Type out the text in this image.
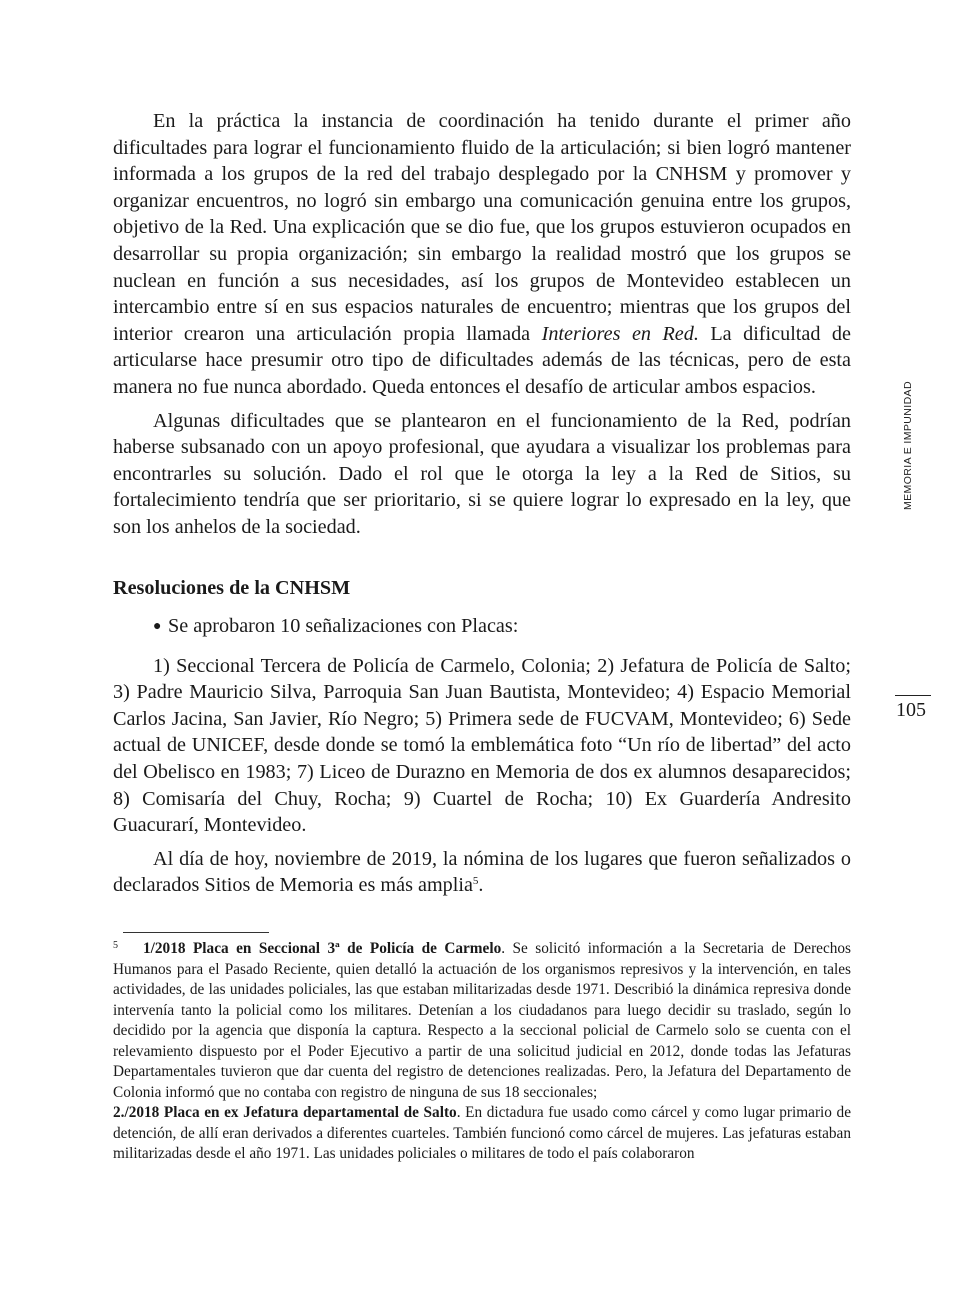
En la práctica la instancia de coordinación ha tenido durante el primer año dificultades para lograr el funcionamiento fluido de la articulación; si bien logró mantener informada a los grupos de la red del trabajo desplegado por la CNHSM y promover y organizar encuentros, no logró sin embargo una comunicación genuina entre los grupos, objetivo de la Red. Una explicación que se dio fue, que los grupos estuvieron ocupados en desarrollar su propia organización; sin embargo la realidad mostró que los grupos se nuclean en función a sus necesidades, así los grupos de Montevideo establecen un intercambio entre sí en sus espacios naturales de encuentro; mientras que los grupos del interior crearon una articulación propia llamada Interiores en Red. La dificultad de articularse hace presumir otro tipo de dificultades además de las técnicas, pero de esta manera no fue nunca abordado. Queda entonces el desafío de articular ambos espacios.

Algunas dificultades que se plantearon en el funcionamiento de la Red, podrían haberse subsanado con un apoyo profesional, que ayudara a visualizar los problemas para encontrarles su solución. Dado el rol que le otorga la ley a la Red de Sitios, su fortalecimiento tendría que ser prioritario, si se quiere lograr lo expresado en la ley, que son los anhelos de la sociedad.

Resoluciones de la CNHSM

● Se aprobaron 10 señalizaciones con Placas:

1) Seccional Tercera de Policía de Carmelo, Colonia; 2) Jefatura de Policía de Salto; 3) Padre Mauricio Silva, Parroquia San Juan Bautista, Montevideo; 4) Espacio Memorial Carlos Jacina, San Javier, Río Negro; 5) Primera sede de FUCVAM, Montevideo; 6) Sede actual de UNICEF, desde donde se tomó la emblemática foto “Un río de libertad” del acto del Obelisco en 1983; 7) Liceo de Durazno en Memoria de dos ex alumnos desaparecidos; 8) Comisaría del Chuy, Rocha; 9) Cuartel de Rocha; 10) Ex Guardería Andresito Guacurarí, Montevideo.

Al día de hoy, noviembre de 2019, la nómina de los lugares que fueron señalizados o declarados Sitios de Memoria es más amplia$^5$.

5 1/2018 Placa en Seccional 3ª de Policía de Carmelo. Se solicitó información a la Secretaria de Derechos Humanos para el Pasado Reciente, quien detalló la actuación de los organismos represivos y la intervención, en tales actividades, de las unidades policiales, las que estaban militarizadas desde 1971. Describió la dinámica represiva donde intervenía tanto la policial como los militares. Detenían a los ciudadanos para luego decidir su traslado, según lo decidido por la agencia que disponía la captura. Respecto a la seccional policial de Carmelo solo se cuenta con el relevamiento dispuesto por el Poder Ejecutivo a partir de una solicitud judicial en 2012, donde todas las Jefaturas Departamentales tuvieron que dar cuenta del registro de detenciones realizadas. Pero, la Jefatura del Departamento de Colonia informó que no contaba con registro de ninguna de sus 18 seccionales;

2./2018 Placa en ex Jefatura departamental de Salto. En dictadura fue usado como cárcel y como lugar primario de detención, de allí eran derivados a diferentes cuarteles. También funcionó como cárcel de mujeres. Las jefaturas estaban militarizadas desde el año 1971. Las unidades policiales o militares de todo el país colaboraron

MEMORIA E IMPUNIDAD
105
